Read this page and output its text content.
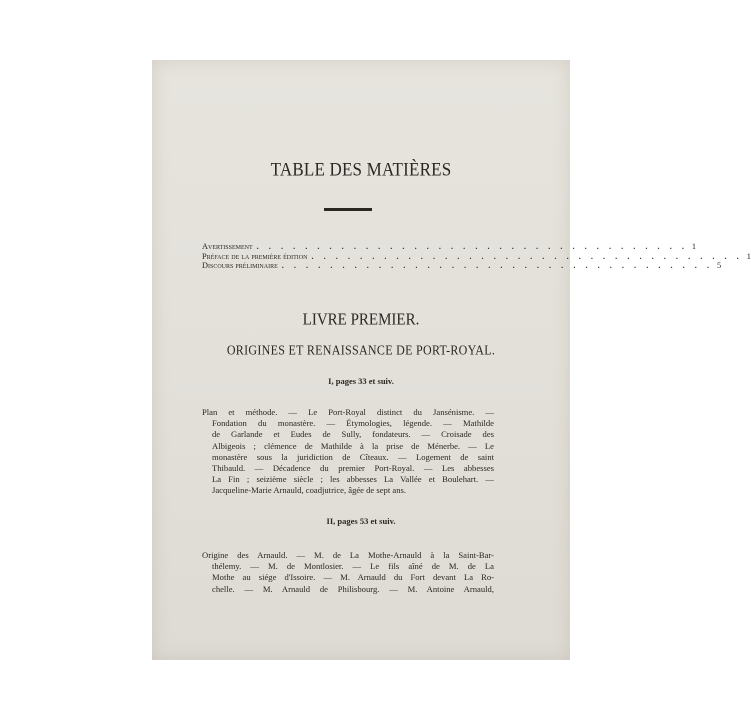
TABLE DES MATIÈRES
Avertissement . . . . . . . . . . . . . . . . . . . . . . . . . . . . . . . . . . . . 1
Préface de la première édition . . . . . . . . . . . . . . . . . . . . . . . . . . . . . . . . . . . . 1
Discours préliminaire . . . . . . . . . . . . . . . . . . . . . . . . . . . . . . . . . . . . 5
LIVRE PREMIER.
ORIGINES ET RENAISSANCE DE PORT-ROYAL.
I, pages 33 et suiv.
Plan et méthode. — Le Port-Royal distinct du Jansénisme. —
Fondation du monastère. — Étymologies, légende. — Mathilde
de Garlande et Eudes de Sully, fondateurs. — Croisade des
Albigeois ; clémence de Mathilde à la prise de Ménerbe. — Le
monastère sous la juridiction de Cîteaux. — Logement de saint
Thibauld. — Décadence du premier Port-Royal. — Les abbesses
La Fin ; seizième siècle ; les abbesses La Vallée et Boulehart. —
Jacqueline-Marie Arnauld, coadjutrice, âgée de sept ans.
II, pages 53 et suiv.
Origine des Arnauld. — M. de La Mothe-Arnauld à la Saint-Bar-
thélemy. — M. de Montlosier. — Le fils aîné de M. de La
Mothe au siége d'Issoire. — M. Arnauld du Fort devant La Ro-
chelle. — M. Arnauld de Philisbourg. — M. Antoine Arnauld,
